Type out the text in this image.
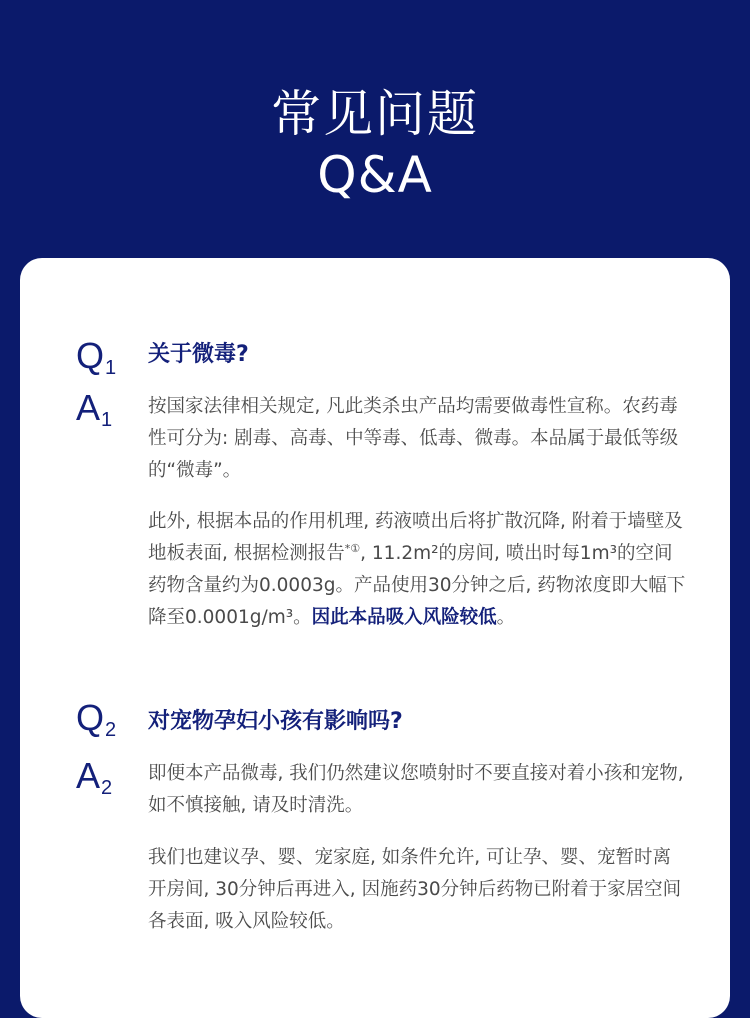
常见问题
Q&A
Q1
关于微毒?
A1
按国家法律相关规定, 凡此类杀虫产品均需要做毒性宣称。农药毒性可分为: 剧毒、高毒、中等毒、低毒、微毒。本品属于最低等级的“微毒”。
此外, 根据本品的作用机理, 药液喷出后将扩散沉降, 附着于墙壁及地板表面, 根据检测报告*①, 11.2m²的房间, 喷出时每1m³的空间药物含量约为0.0003g。产品使用30分钟之后, 药物浓度即大幅下降至0.0001g/m³。因此本品吸入风险较低。
Q2 对宠物孕妇小孩有影响吗?
A2
即便本产品微毒, 我们仍然建议您喷射时不要直接对着小孩和宠物, 如不慎接触, 请及时清洗。
我们也建议孕、婴、宠家庭, 如条件允许, 可让孕、婴、宠暂时离开房间, 30分钟后再进入, 因施药30分钟后药物已附着于家居空间各表面, 吸入风险较低。
